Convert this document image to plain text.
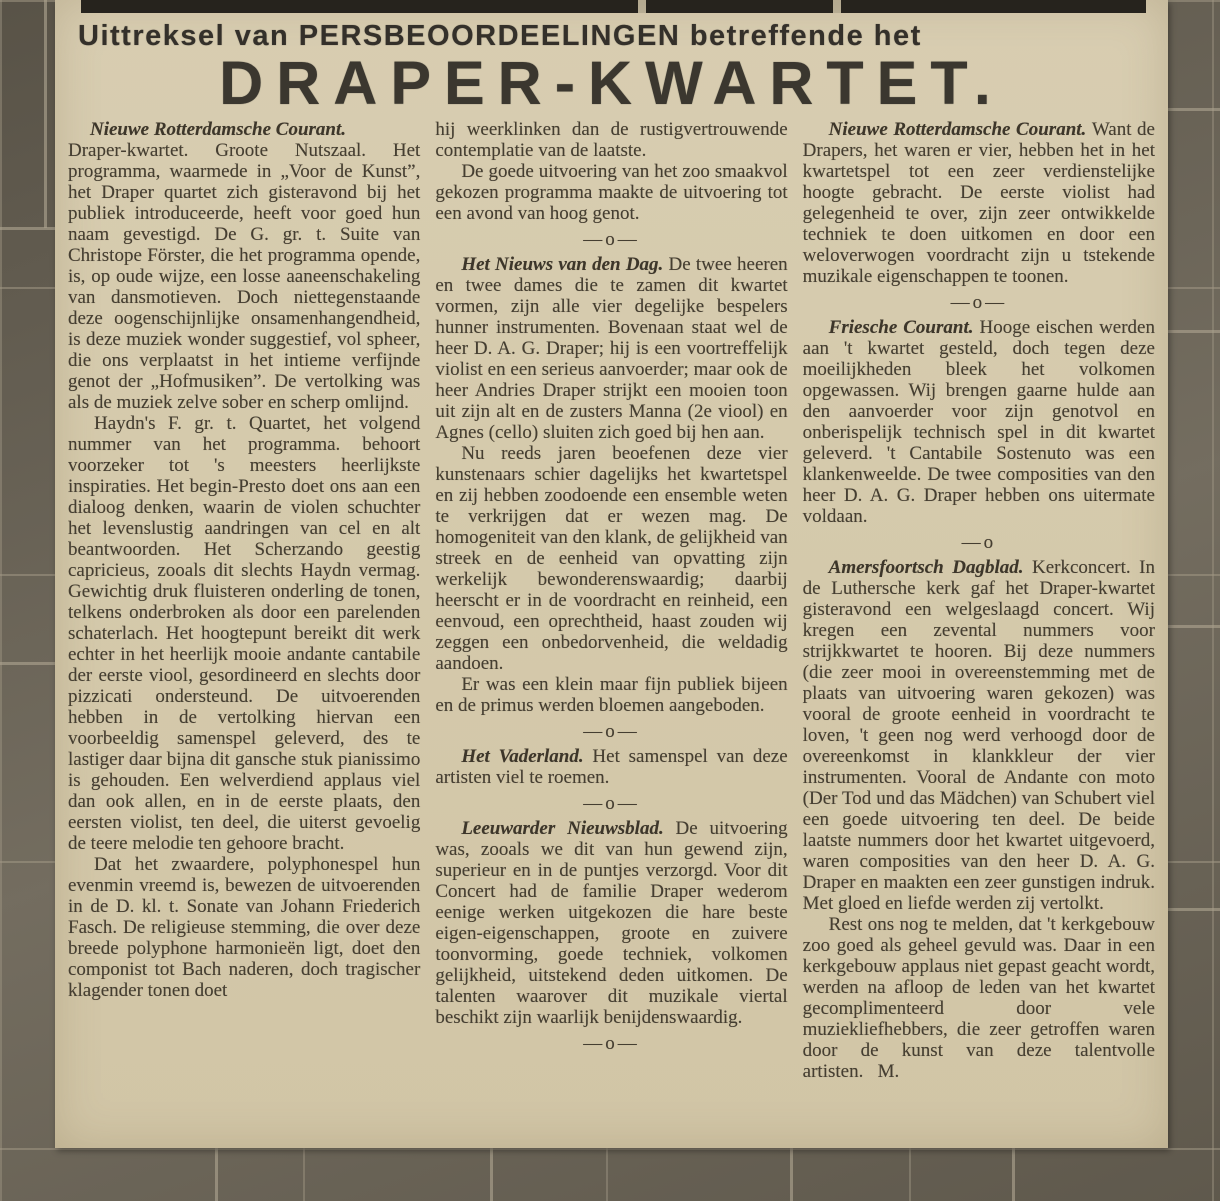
Uittreksel van PERSBEOORDEELINGEN betreffende het
DRAPER-KWARTET.
Nieuwe Rotterdamsche Courant.

Draper-kwartet. Groote Nutszaal. Het programma, waarmede in „Voor de Kunst”, het Draper quartet zich gisteravond bij het publiek introduceerde, heeft voor goed hun naam gevestigd. De G. gr. t. Suite van Christope Förster, die het programma opende, is, op oude wijze, een losse aaneenschakeling van dansmotieven. Doch niettegenstaande deze oogenschijnlijke onsamenhangendheid, is deze muziek wonder suggestief, vol spheer, die ons verplaatst in het intieme verfijnde genot der „Hofmusiken”. De vertolking was als de muziek zelve sober en scherp omlijnd.

Haydn's F. gr. t. Quartet, het volgend nummer van het programma. behoort voorzeker tot 's meesters heerlijkste inspiraties. Het begin-Presto doet ons aan een dialoog denken, waarin de violen schuchter het levenslustig aandringen van cel en alt beantwoorden. Het Scherzando geestig capricieus, zooals dit slechts Haydn vermag. Gewichtig druk fluisteren onderling de tonen, telkens onderbroken als door een parelenden schaterlach. Het hoogtepunt bereikt dit werk echter in het heerlijk mooie andante cantabile der eerste viool, gesordineerd en slechts door pizzicati ondersteund. De uitvoerenden hebben in de vertolking hiervan een voorbeeldig samenspel geleverd, des te lastiger daar bijna dit gansche stuk pianissimo is gehouden. Een welverdiend applaus viel dan ook allen, en in de eerste plaats, den eersten violist, ten deel, die uiterst gevoelig de teere melodie ten gehoore bracht.

Dat het zwaardere, polyphonespel hun evenmin vreemd is, bewezen de uitvoerenden in de D. kl. t. Sonate van Johann Friederich Fasch. De religieuse stemming, die over deze breede polyphone harmonieën ligt, doet den componist tot Bach naderen, doch tragischer klagender tonen doet

hij weerklinken dan de rustigvertrouwende contemplatie van de laatste.

De goede uitvoering van het zoo smaakvol gekozen programma maakte de uitvoering tot een avond van hoog genot.

—o—

Het Nieuws van den Dag. De twee heeren en twee dames die te zamen dit kwartet vormen, zijn alle vier degelijke bespelers hunner instrumenten. Bovenaan staat wel de heer D. A. G. Draper; hij is een voortreffelijk violist en een serieus aanvoerder; maar ook de heer Andries Draper strijkt een mooien toon uit zijn alt en de zusters Manna (2e viool) en Agnes (cello) sluiten zich goed bij hen aan.

Nu reeds jaren beoefenen deze vier kunstenaars schier dagelijks het kwartetspel en zij hebben zoodoende een ensemble weten te verkrijgen dat er wezen mag. De homogeniteit van den klank, de gelijkheid van streek en de eenheid van opvatting zijn werkelijk bewonderenswaardig; daarbij heerscht er in de voordracht en reinheid, een eenvoud, een oprechtheid, haast zouden wij zeggen een onbedorvenheid, die weldadig aandoen.

Er was een klein maar fijn publiek bijeen en de primus werden bloemen aangeboden.

—o—

Het Vaderland. Het samenspel van deze artisten viel te roemen.

—o—

Leeuwarder Nieuwsblad. De uitvoering was, zooals we dit van hun gewend zijn, superieur en in de puntjes verzorgd. Voor dit Concert had de familie Draper wederom eenige werken uitgekozen die hare beste eigen-eigenschappen, groote en zuivere toonvorming, goede techniek, volkomen gelijkheid, uitstekend deden uitkomen. De talenten waarover dit muzikale viertal beschikt zijn waarlijk benijdenswaardig.

—o—

Nieuwe Rotterdamsche Courant. Want de Drapers, het waren er vier, hebben het in het kwartetspel tot een zeer verdienstelijke hoogte gebracht. De eerste violist had gelegenheid te over, zijn zeer ontwikkelde techniek te doen uitkomen en door een weloverwogen voordracht zijn u tstekende muzikale eigenschappen te toonen.

—o—

Friesche Courant. Hooge eischen werden aan 't kwartet gesteld, doch tegen deze moeilijkheden bleek het volkomen opgewassen. Wij brengen gaarne hulde aan den aanvoerder voor zijn genotvol en onberispelijk technisch spel in dit kwartet geleverd. 't Cantabile Sostenuto was een klankenweelde. De twee composities van den heer D. A. G. Draper hebben ons uitermate voldaan.

—o

Amersfoortsch Dagblad. Kerkconcert. In de Luthersche kerk gaf het Draper-kwartet gisteravond een welgeslaagd concert. Wij kregen een zevental nummers voor strijkkwartet te hooren. Bij deze nummers (die zeer mooi in overeenstemming met de plaats van uitvoering waren gekozen) was vooral de groote eenheid in voordracht te loven, 't geen nog werd verhoogd door de overeenkomst in klankkleur der vier instrumenten. Vooral de Andante con moto (Der Tod und das Mädchen) van Schubert viel een goede uitvoering ten deel. De beide laatste nummers door het kwartet uitgevoerd, waren composities van den heer D. A. G. Draper en maakten een zeer gunstigen indruk. Met gloed en liefde werden zij vertolkt.

Rest ons nog te melden, dat 't kerkgebouw zoo goed als geheel gevuld was. Daar in een kerkgebouw applaus niet gepast geacht wordt, werden na afloop de leden van het kwartet gecomplimenteerd door vele muziekliefhebbers, die zeer getroffen waren door de kunst van deze talentvolle artisten.   M.
